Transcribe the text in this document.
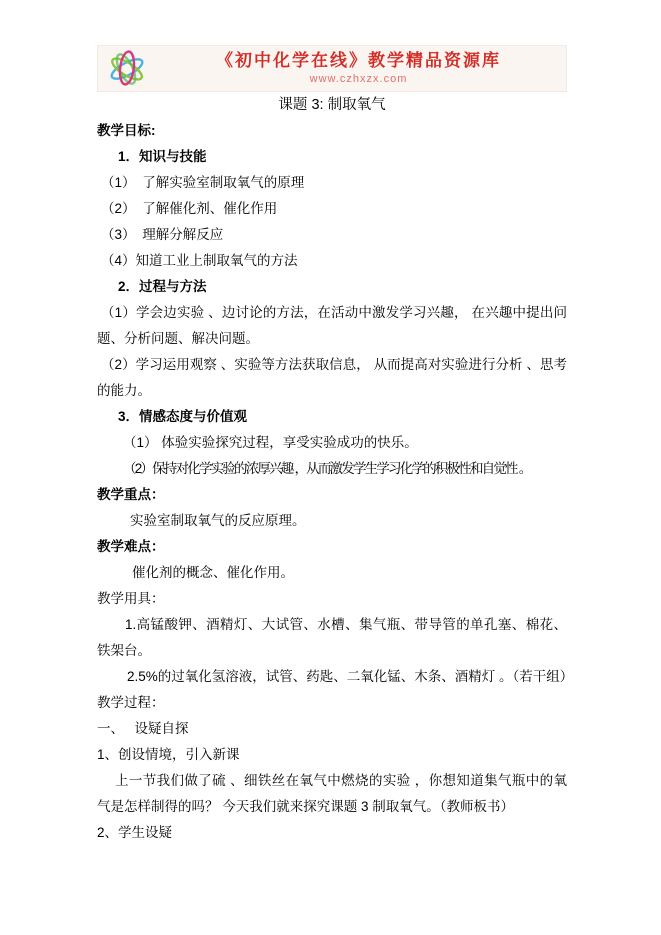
《初中化学在线》教学精品资源库
www.czhxzx.com

课题 3: 制取氧气

教学目标:

1．知识与技能

（1）　了解实验室制取氧气的原理

（2）　了解催化剂、催化作用

（3）　理解分解反应

（4）知道工业上制取氧气的方法

2．过程与方法

（1）学会边实验 、边讨论的方法，在活动中激发学习兴趣， 在兴趣中提出问题、分析问题、解决问题。

（2）学习运用观察 、实验等方法获取信息， 从而提高对实验进行分析 、思考的能力。

3．情感态度与价值观

（1） 体验实验探究过程，享受实验成功的快乐。

（2）保持对化学实验的浓厚兴趣 ，从而激发学生学习化学的积极性和自觉性 。

教学重点：

实验室制取氧气的反应原理。

教学难点：

催化剂的概念、催化作用。

教学用具：

1.高锰酸钾、酒精灯、大试管、水槽、集气瓶、带导管的单孔塞、棉花、铁架台。

2.5%的过氧化氢溶液，试管、药匙、二氧化锰、木条、酒精灯 。（若干组）

教学过程：

一、　 设疑自探

1、创设情境，引入新课

上一节我们做了硫 、细铁丝在氧气中燃烧的实验 ，你想知道集气瓶中的氧气是怎样制得的吗？ 今天我们就来探究课题 3 制取氧气。（教师板书）

2、学生设疑
